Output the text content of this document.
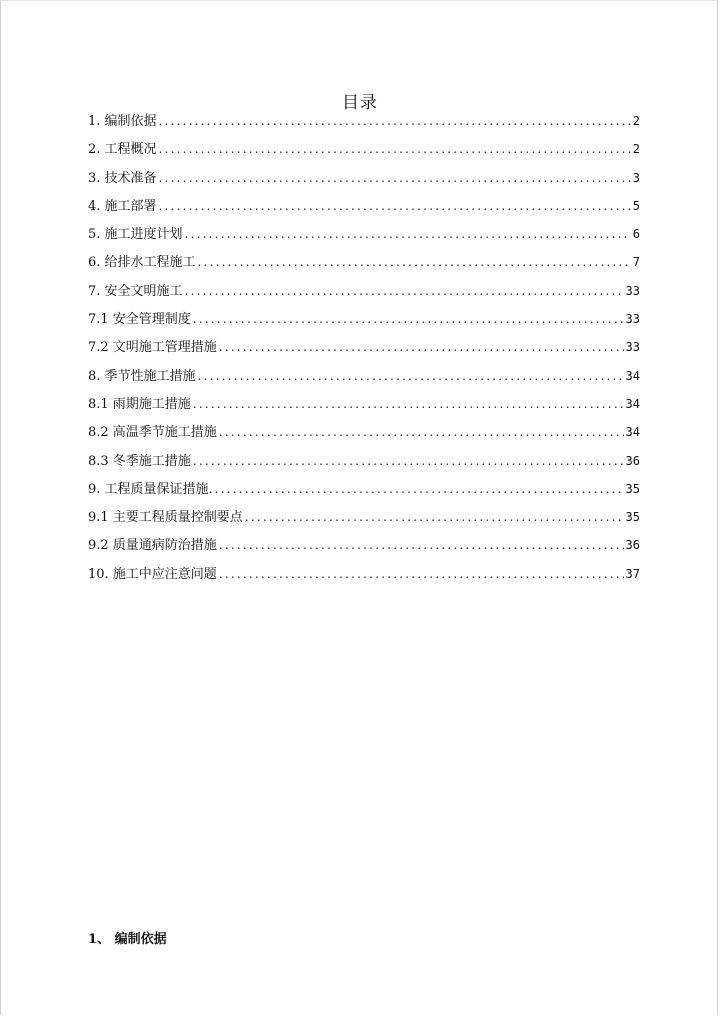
目录
1. 编制依据 .....	2
2. 工程概况 .....	2
3. 技术准备 .....	3
4. 施工部署 .....	5
5. 施工进度计划 .....	6
6. 给排水工程施工 .....	7
7. 安全文明施工 .....	33
7.1 安全管理制度 .....	33
7.2 文明施工管理措施 .....	33
8. 季节性施工措施 .....	34
8.1 雨期施工措施 .....	34
8.2 高温季节施工措施 .....	34
8.3 冬季施工措施 .....	36
9. 工程质量保证措施. .....	35
9.1 主要工程质量控制要点 .....	35
9.2 质量通病防治措施 .....	36
10. 施工中应注意问题 .....	37
1、 编制依据
